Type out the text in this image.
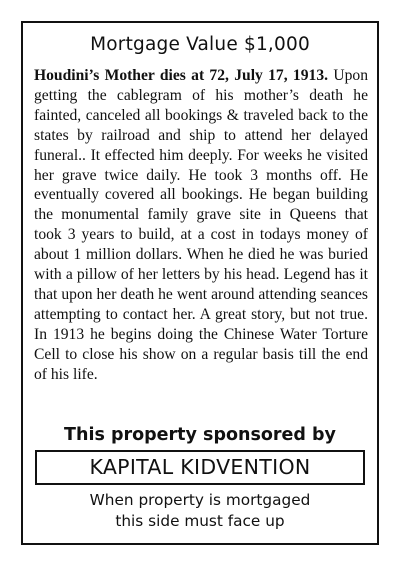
Mortgage Value $1,000
Houdini’s Mother dies at 72, July 17, 1913. Upon getting the cablegram of his mother’s death he fainted, canceled all bookings & traveled back to the states by railroad and ship to attend her delayed funeral.. It effected him deeply. For weeks he visited her grave twice daily. He took 3 months off. He eventually covered all bookings. He began building the monumental family grave site in Queens that took 3 years to build, at a cost in todays money of about 1 million dollars. When he died he was buried with a pillow of her letters by his head. Legend has it that upon her death he went around attending seances attempting to contact her. A great story, but not true. In 1913 he begins doing the Chinese Water Torture Cell to close his show on a regular basis till the end of his life.
This property sponsored by
KAPITAL KIDVENTION
When property is mortgaged
this side must face up
